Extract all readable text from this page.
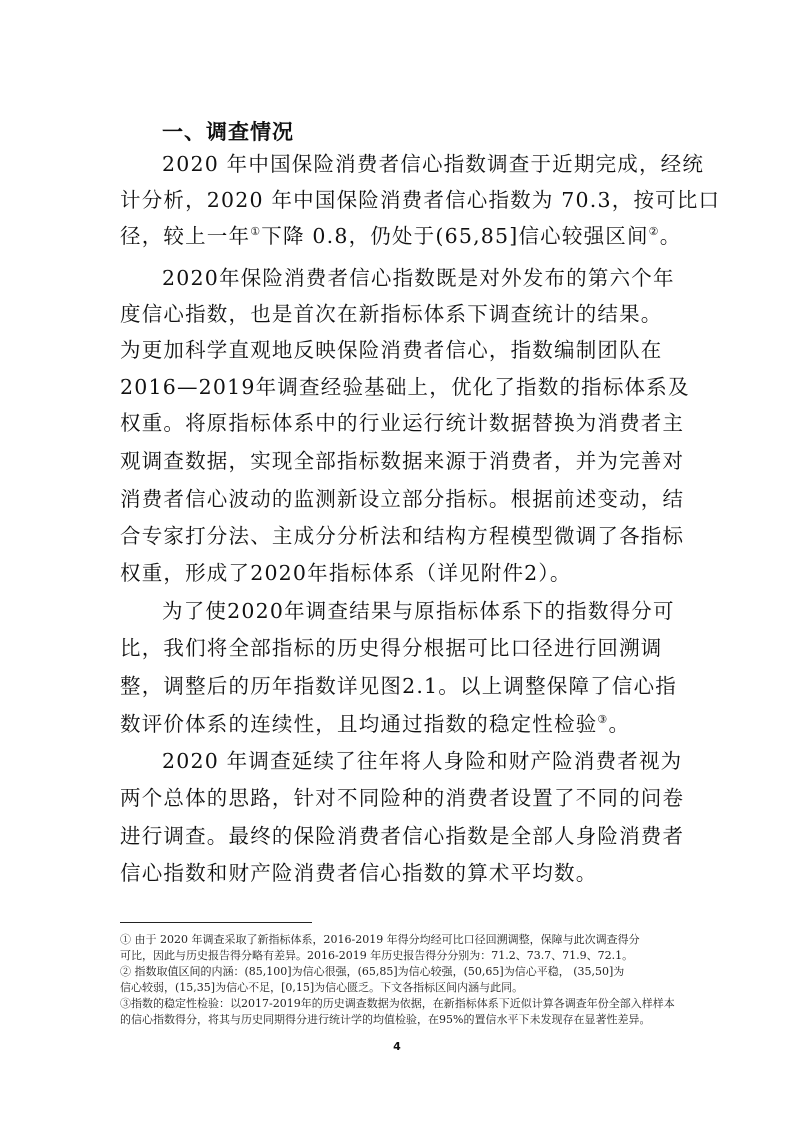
一、调查情况
2020 年中国保险消费者信心指数调查于近期完成，经统
计分析，2020 年中国保险消费者信心指数为 70.3，按可比口
径，较上一年①下降 0.8，仍处于(65,85]信心较强区间②。
2020年保险消费者信心指数既是对外发布的第六个年
度信心指数，也是首次在新指标体系下调查统计的结果。
为更加科学直观地反映保险消费者信心，指数编制团队在
2016—2019年调查经验基础上，优化了指数的指标体系及
权重。将原指标体系中的行业运行统计数据替换为消费者主
观调查数据，实现全部指标数据来源于消费者，并为完善对
消费者信心波动的监测新设立部分指标。根据前述变动，结
合专家打分法、主成分分析法和结构方程模型微调了各指标
权重，形成了2020年指标体系（详见附件2）。
为了使2020年调查结果与原指标体系下的指数得分可
比，我们将全部指标的历史得分根据可比口径进行回溯调
整，调整后的历年指数详见图2.1。以上调整保障了信心指
数评价体系的连续性，且均通过指数的稳定性检验③。
2020 年调查延续了往年将人身险和财产险消费者视为
两个总体的思路，针对不同险种的消费者设置了不同的问卷
进行调查。最终的保险消费者信心指数是全部人身险消费者
信心指数和财产险消费者信心指数的算术平均数。
① 由于 2020 年调查采取了新指标体系，2016-2019 年得分均经可比口径回溯调整，保障与此次调查得分
可比，因此与历史报告得分略有差异。2016-2019 年历史报告得分分别为：71.2、73.7、71.9、72.1。
② 指数取值区间的内涵：(85,100]为信心很强，(65,85]为信心较强，(50,65]为信心平稳， (35,50]为
信心较弱，(15,35]为信心不足，[0,15]为信心匮乏。下文各指标区间内涵与此同。
③指数的稳定性检验：以2017-2019年的历史调查数据为依据，在新指标体系下近似计算各调查年份全部入样样本
的信心指数得分，将其与历史同期得分进行统计学的均值检验，在95%的置信水平下未发现存在显著性差异。
4
